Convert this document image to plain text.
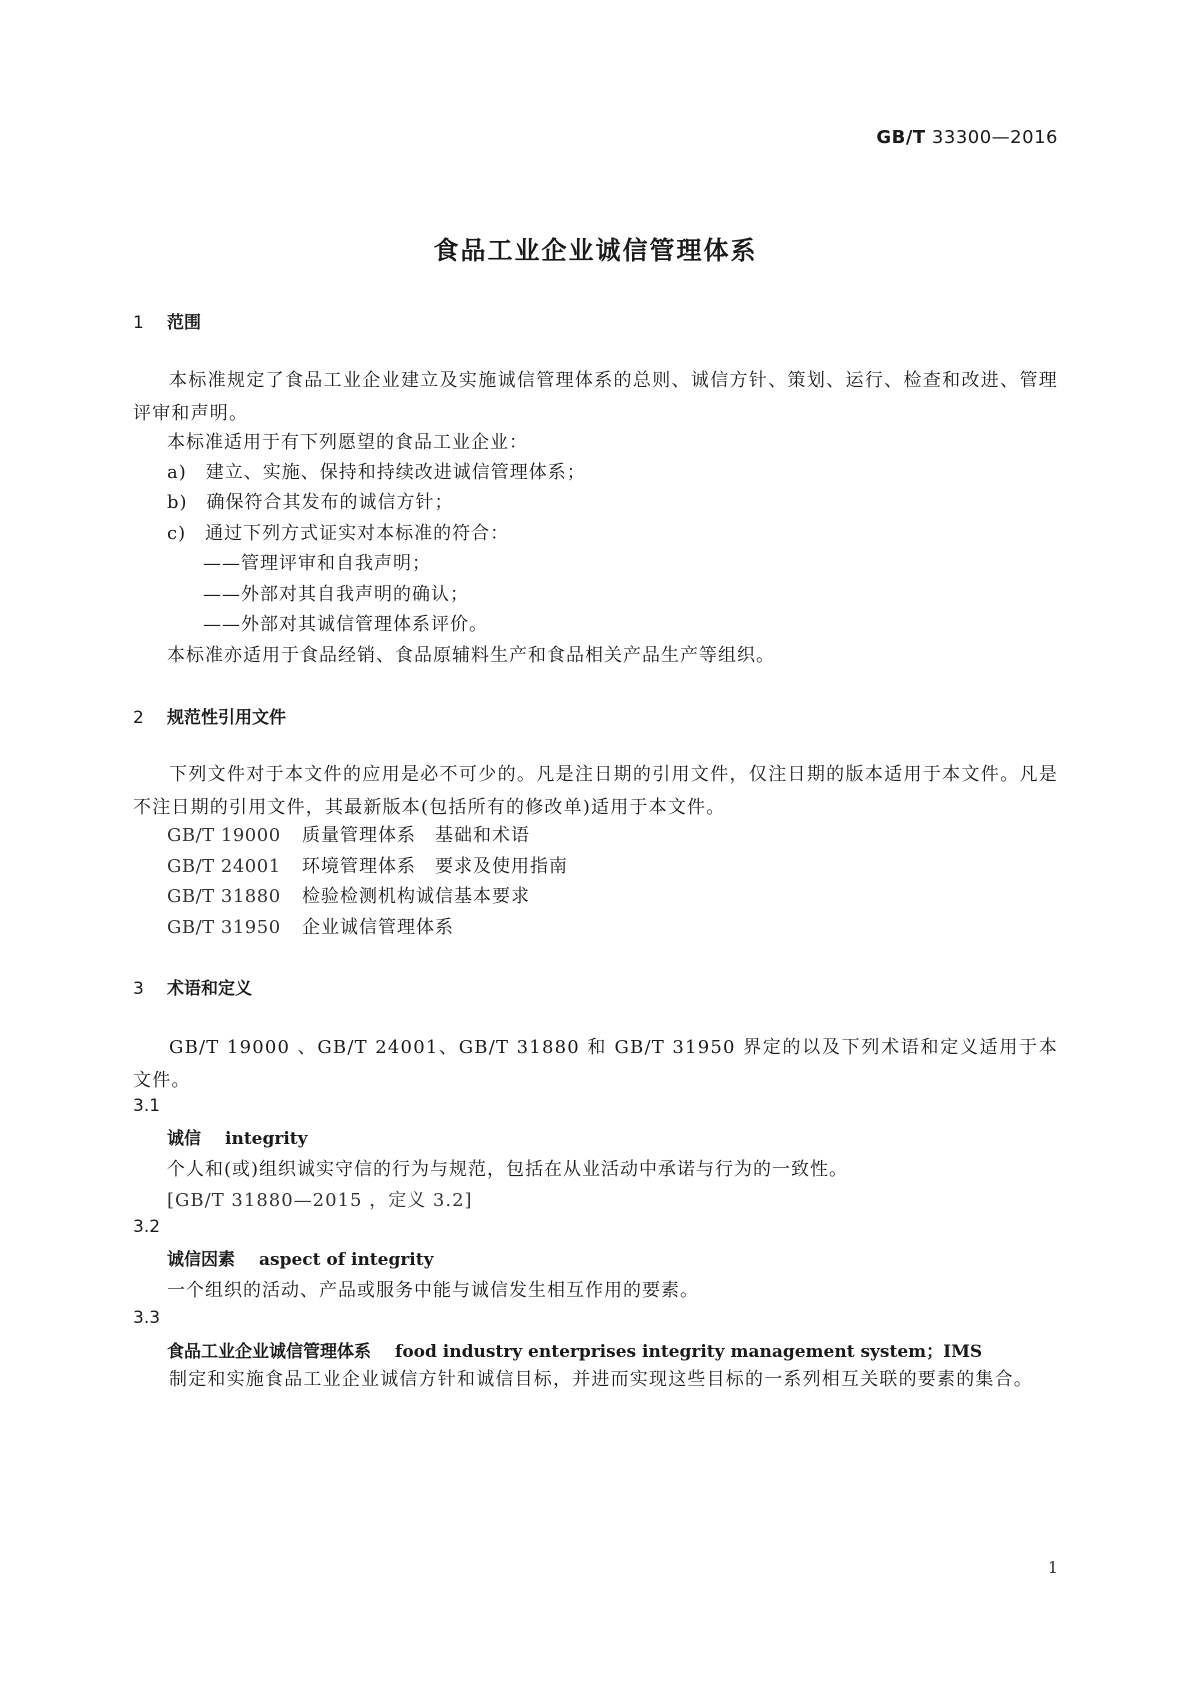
GB/T 33300—2016
食品工业企业诚信管理体系
1 范围
本标准规定了食品工业企业建立及实施诚信管理体系的总则、诚信方针、策划、运行、检查和改进、管理评审和声明。
本标准适用于有下列愿望的食品工业企业：
a)　建立、实施、保持和持续改进诚信管理体系；
b)　确保符合其发布的诚信方针；
c)　通过下列方式证实对本标准的符合：
——管理评审和自我声明；
——外部对其自我声明的确认；
——外部对其诚信管理体系评价。
本标准亦适用于食品经销、食品原辅料生产和食品相关产品生产等组织。
2 规范性引用文件
下列文件对于本文件的应用是必不可少的。凡是注日期的引用文件，仅注日期的版本适用于本文件。凡是不注日期的引用文件，其最新版本(包括所有的修改单)适用于本文件。
GB/T 19000 质量管理体系　基础和术语
GB/T 24001 环境管理体系　要求及使用指南
GB/T 31880 检验检测机构诚信基本要求
GB/T 31950 企业诚信管理体系
3 术语和定义
GB/T 19000 、GB/T 24001、GB/T 31880 和 GB/T 31950 界定的以及下列术语和定义适用于本文件。
3.1
诚信 integrity
个人和(或)组织诚实守信的行为与规范，包括在从业活动中承诺与行为的一致性。
[GB/T 31880—2015 ，定义 3.2]
3.2
诚信因素 aspect of integrity
一个组织的活动、产品或服务中能与诚信发生相互作用的要素。
3.3
食品工业企业诚信管理体系 food industry enterprises integrity management system；IMS
制定和实施食品工业企业诚信方针和诚信目标，并进而实现这些目标的一系列相互关联的要素的集合。
1
